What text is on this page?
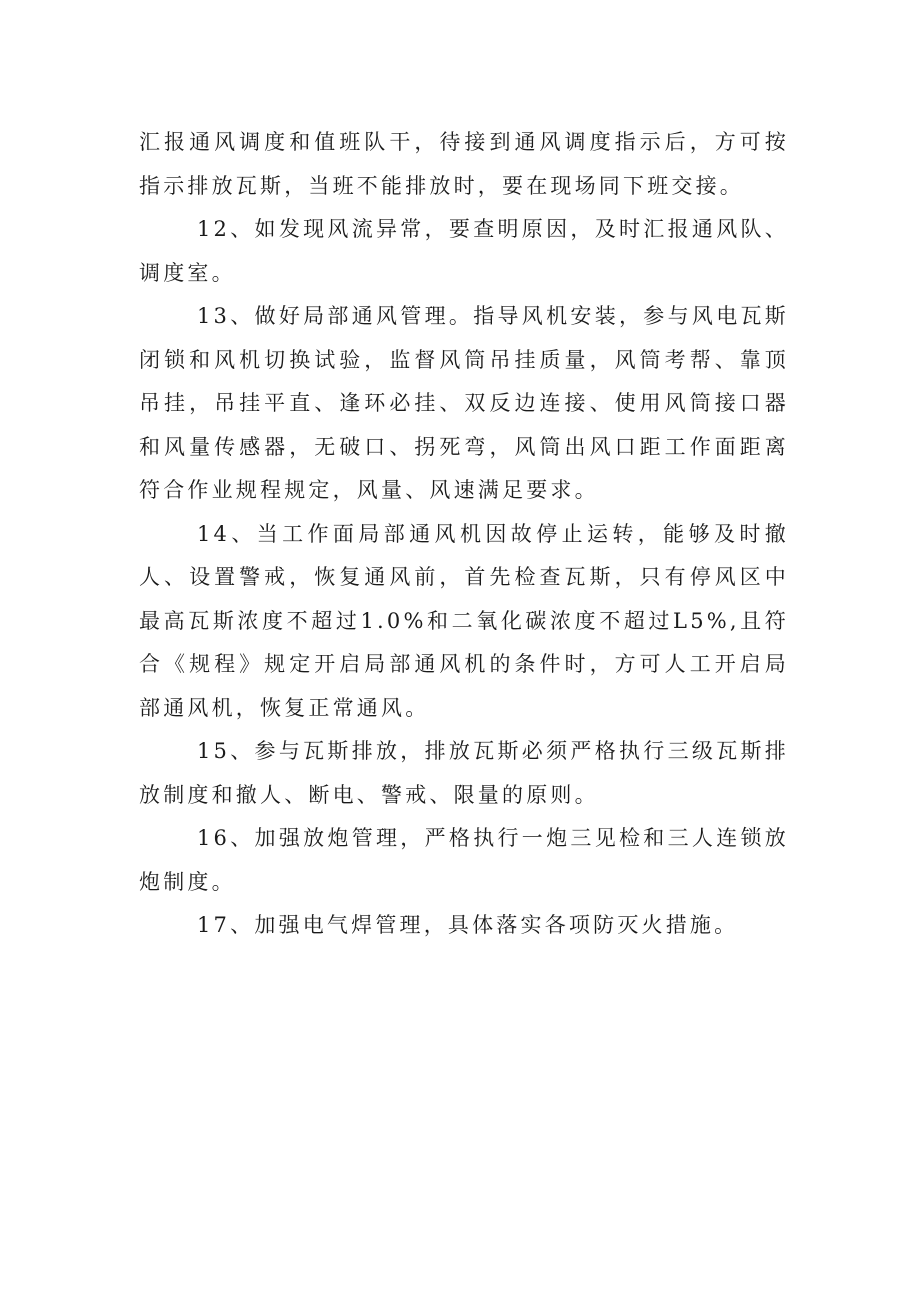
汇报通风调度和值班队干，待接到通风调度指示后，方可按指示排放瓦斯，当班不能排放时，要在现场同下班交接。

12、如发现风流异常，要查明原因，及时汇报通风队、调度室。

13、做好局部通风管理。指导风机安装，参与风电瓦斯闭锁和风机切换试验，监督风筒吊挂质量，风筒考帮、靠顶吊挂，吊挂平直、逢环必挂、双反边连接、使用风筒接口器和风量传感器，无破口、拐死弯，风筒出风口距工作面距离符合作业规程规定，风量、风速满足要求。

14、当工作面局部通风机因故停止运转，能够及时撤人、设置警戒，恢复通风前，首先检查瓦斯，只有停风区中最高瓦斯浓度不超过1.0%和二氧化碳浓度不超过L5%,且符合《规程》规定开启局部通风机的条件时，方可人工开启局部通风机，恢复正常通风。

15、参与瓦斯排放，排放瓦斯必须严格执行三级瓦斯排放制度和撤人、断电、警戒、限量的原则。

16、加强放炮管理，严格执行一炮三见检和三人连锁放炮制度。

17、加强电气焊管理，具体落实各项防灭火措施。
